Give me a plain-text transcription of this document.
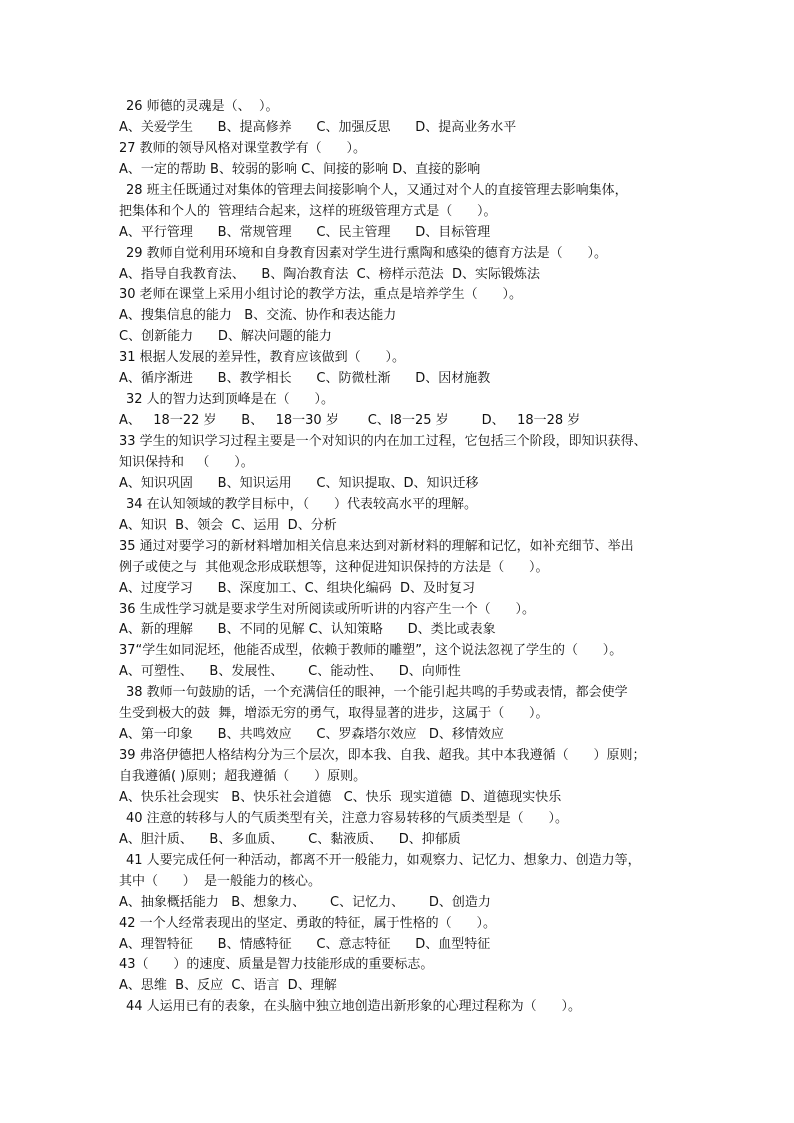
26 师德的灵魂是（、  ）。
A、关爱学生      B、提高修养      C、加强反思      D、提高业务水平
27 教师的领导风格对课堂教学有（      ）。
A、一定的帮助 B、较弱的影响 C、间接的影响 D、直接的影响
28 班主任既通过对集体的管理去间接影响个人，又通过对个人的直接管理去影响集体，
把集体和个人的  管理结合起来，这样的班级管理方式是（      ）。
A、平行管理      B、常规管理      C、民主管理      D、目标管理
29 教师自觉利用环境和自身教育因素对学生进行熏陶和感染的德育方法是（      ）。
A、指导自我教育法、    B、陶冶教育法  C、榜样示范法  D、实际锻炼法
30 老师在课堂上采用小组讨论的教学方法，重点是培养学生（      ）。
A、搜集信息的能力   B、交流、协作和表达能力
C、创新能力      D、解决问题的能力
31 根据人发展的差异性，教育应该做到（      ）。
A、循序渐进      B、教学相长      C、防微杜渐      D、因材施教
32 人的智力达到顶峰是在（      ）。
A、   18一22 岁      B、   18一30 岁       C、I8一25 岁        D、   18一28 岁
33 学生的知识学习过程主要是一个对知识的内在加工过程，它包括三个阶段，即知识获得、
知识保持和   （      ）。
A、知识巩固      B、知识运用      C、知识提取、D、知识迁移
34 在认知领域的教学目标中，（      ）代表较高水平的理解。
A、知识  B、领会  C、运用  D、分析
35 通过对要学习的新材料增加相关信息来达到对新材料的理解和记忆，如补充细节、举出
例子或使之与  其他观念形成联想等，这种促进知识保持的方法是（      ）。
A、过度学习      B、深度加工、C、组块化编码  D、及时复习
36 生成性学习就是要求学生对所阅读或所听讲的内容产生一个（      ）。
A、新的理解      B、不同的见解 C、认知策略      D、类比或表象
37“学生如同泥坯，他能否成型，依赖于教师的雕塑”，这个说法忽视了学生的（      ）。
A、可塑性、    B、发展性、      C、能动性、    D、向师性
38 教师一句鼓励的话，一个充满信任的眼神，一个能引起共鸣的手势或表情，都会使学
生受到极大的鼓  舞，增添无穷的勇气，取得显著的进步，这属于（      ）。
A、第一印象      B、共鸣效应      C、罗森塔尔效应   D、移情效应
39 弗洛伊德把人格结构分为三个层次，即本我、自我、超我。其中本我遵循（      ）原则；
自我遵循( )原则；超我遵循（      ）原则。
A、快乐社会现实   B、快乐社会道德   C、快乐  现实道德  D、道德现实快乐
40 注意的转移与人的气质类型有关，注意力容易转移的气质类型是（      ）。
A、胆汁质、    B、多血质、      C、黏液质、    D、抑郁质
41 人要完成任何一种活动，都离不开一般能力，如观察力、记忆力、想象力、创造力等，
其中（      ）  是一般能力的核心。
A、抽象概括能力   B、想象力、      C、记忆力、      D、创造力
42 一个人经常表现出的坚定、勇敢的特征，属于性格的（      ）。
A、理智特征      B、情感特征      C、意志特征      D、血型特征
43（      ）的速度、质量是智力技能形成的重要标志。
A、思维  B、反应  C、语言  D、理解
44 人运用已有的表象，在头脑中独立地创造出新形象的心理过程称为（      ）。
